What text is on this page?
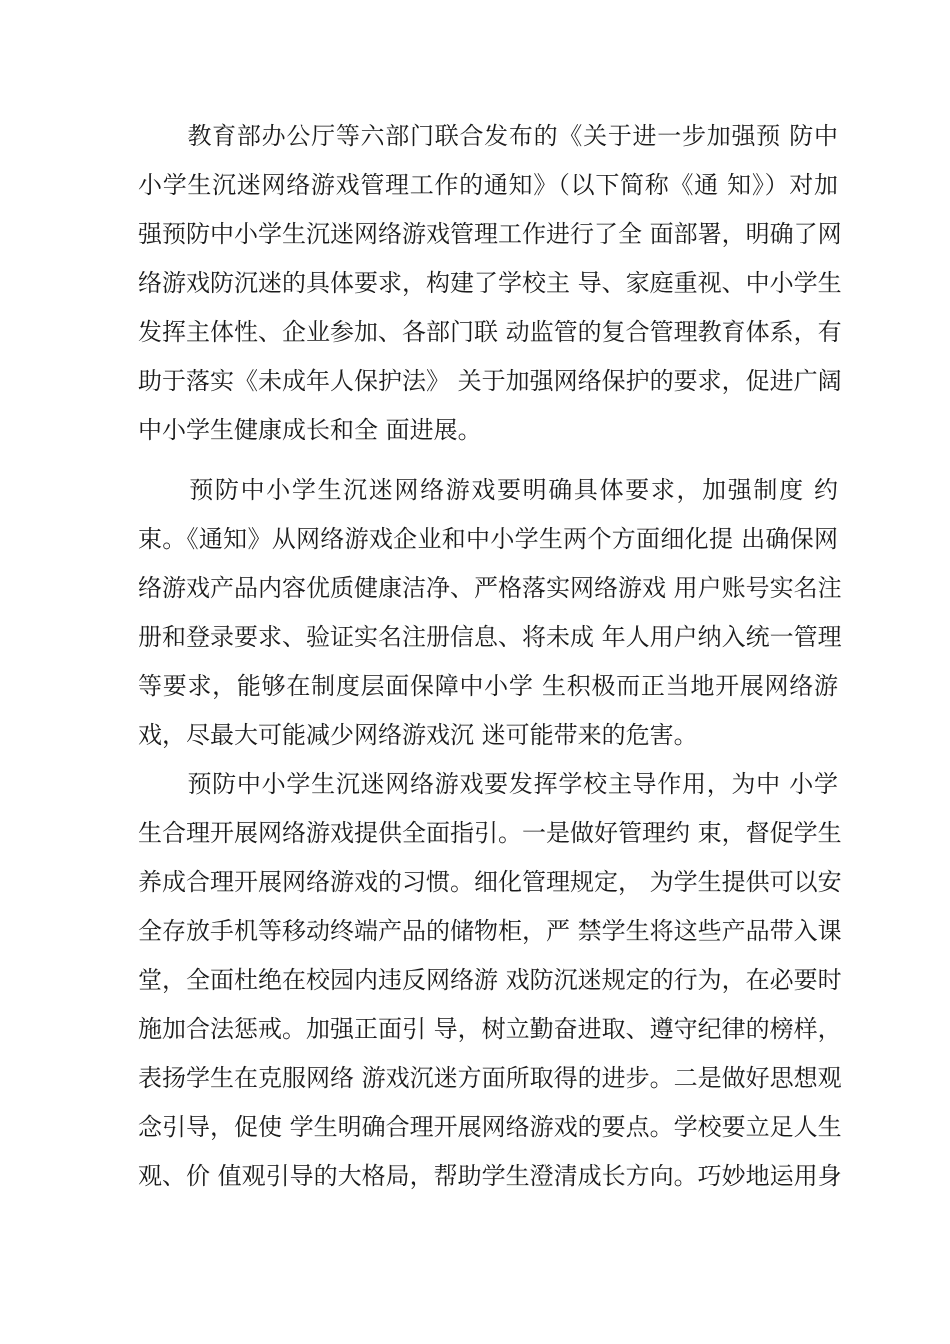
　　教育部办公厅等六部门联合发布的《关于进一步加强预 防中
小学生沉迷网络游戏管理工作的通知》（以下简称《通 知》）对加
强预防中小学生沉迷网络游戏管理工作进行了全 面部署，明确了网
络游戏防沉迷的具体要求，构建了学校主 导、家庭重视、中小学生
发挥主体性、企业参加、各部门联 动监管的复合管理教育体系，有
助于落实《未成年人保护法》 关于加强网络保护的要求，促进广阔
中小学生健康成长和全 面进展。
　　预防中小学生沉迷网络游戏要明确具体要求，加强制度 约
束。《通知》从网络游戏企业和中小学生两个方面细化提 出确保网
络游戏产品内容优质健康洁净、严格落实网络游戏 用户账号实名注
册和登录要求、验证实名注册信息、将未成 年人用户纳入统一管理
等要求，能够在制度层面保障中小学 生积极而正当地开展网络游
戏，尽最大可能减少网络游戏沉 迷可能带来的危害。
　　预防中小学生沉迷网络游戏要发挥学校主导作用，为中 小学
生合理开展网络游戏提供全面指引。一是做好管理约 束，督促学生
养成合理开展网络游戏的习惯。细化管理规定， 为学生提供可以安
全存放手机等移动终端产品的储物柜，严 禁学生将这些产品带入课
堂，全面杜绝在校园内违反网络游 戏防沉迷规定的行为，在必要时
施加合法惩戒。加强正面引 导，树立勤奋进取、遵守纪律的榜样，
表扬学生在克服网络 游戏沉迷方面所取得的进步。二是做好思想观
念引导，促使 学生明确合理开展网络游戏的要点。学校要立足人生
观、价 值观引导的大格局，帮助学生澄清成长方向。巧妙地运用身
